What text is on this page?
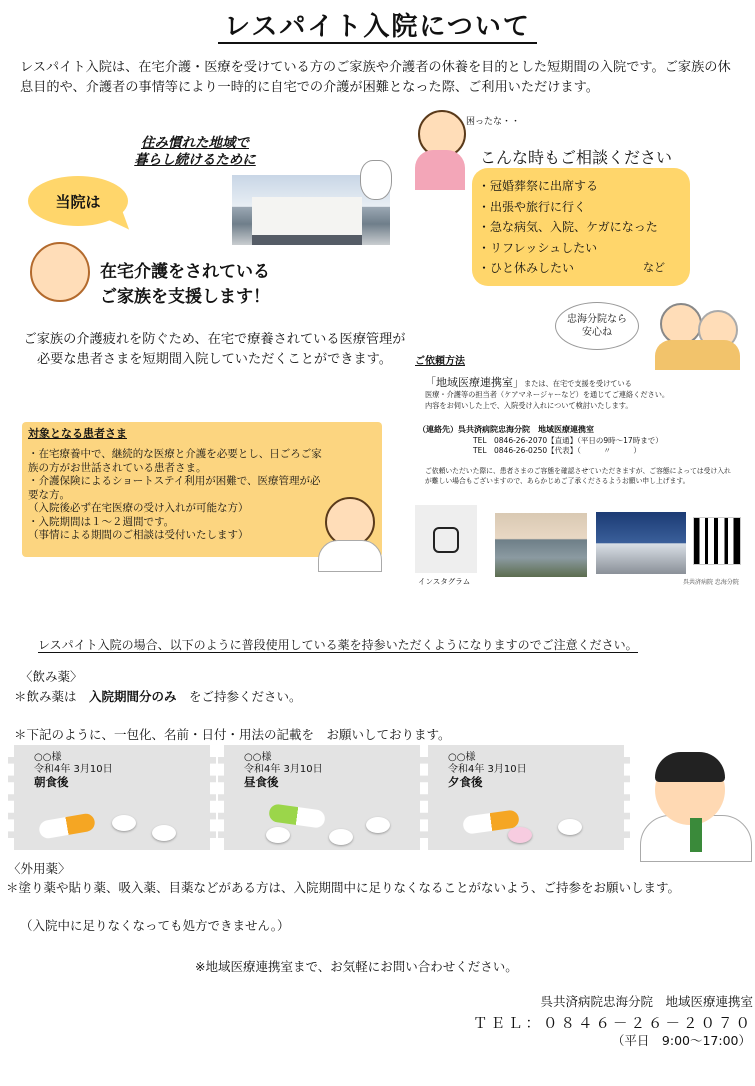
レスパイト入院について
レスパイト入院は、在宅介護・医療を受けている方のご家族や介護者の休養を目的とした短期間の入院です。ご家族の休息目的や、介護者の事情等により一時的に自宅での介護が困難となった際、ご利用いただけます。
住み慣れた地域で
暮らし続けるために
当院は
在宅介護をされている
ご家族を支援します！
ご家族の介護疲れを防ぐため、在宅で療養されている医療管理が必要な患者さまを短期間入院していただくことができます。
対象となる患者さま
・在宅療養中で、継続的な医療と介護を必要とし、日ごろご家族の方がお世話されている患者さま。
・介護保険によるショートステイ利用が困難で、医療管理が必要な方。
（入院後必ず在宅医療の受け入れが可能な方）
・入院期間は１～２週間です。
（事情による期間のご相談は受付いたします）
困ったな・・
こんな時もご相談ください
・冠婚葬祭に出席する
・出張や旅行に行く
・急な病気、入院、ケガになった
・リフレッシュしたい
・ひと休みしたい	など
忠海分院なら
安心ね
ご依頼方法
「地域医療連携室」または、在宅で支援を受けている
医療・介護等の担当者（ケアマネージャーなど）を通じてご連絡ください。
内容をお伺いした上で、入院受け入れについて検討いたします。
（連絡先）呉共済病院忠海分院　地域医療連携室
TEL　0846-26-2070【直通】（平日の9時～17時まで）
TEL　0846-26-0250【代表】（　　　〃　　　）
ご依頼いただいた際に、患者さまのご容態を確認させていただきますが、ご容態によっては受け入れが難しい場合もございますので、あらかじめご了承くださるようお願い申し上げます。
インスタグラム	呉共済病院 忠海分院
レスパイト入院の場合、以下のように普段使用している薬を持参いただくようになりますのでご注意ください。
〈飲み薬〉
＊飲み薬は　入院期間分のみ　をご持参ください。
＊下記のように、一包化、名前・日付・用法の記載を　お願いしております。
○○様
令和4年 3月10日
朝食後
○○様
令和4年 3月10日
昼食後
○○様
令和4年 3月10日
夕食後
〈外用薬〉
＊塗り薬や貼り薬、吸入薬、目薬などがある方は、入院期間中に足りなくなることがないよう、ご持参をお願いします。
（入院中に足りなくなっても処方できません。）
※地域医療連携室まで、お気軽にお問い合わせください。
呉共済病院忠海分院　地域医療連携室
ＴＥＬ：０８４６－２６－２０７０
（平日　9:00～17:00）
